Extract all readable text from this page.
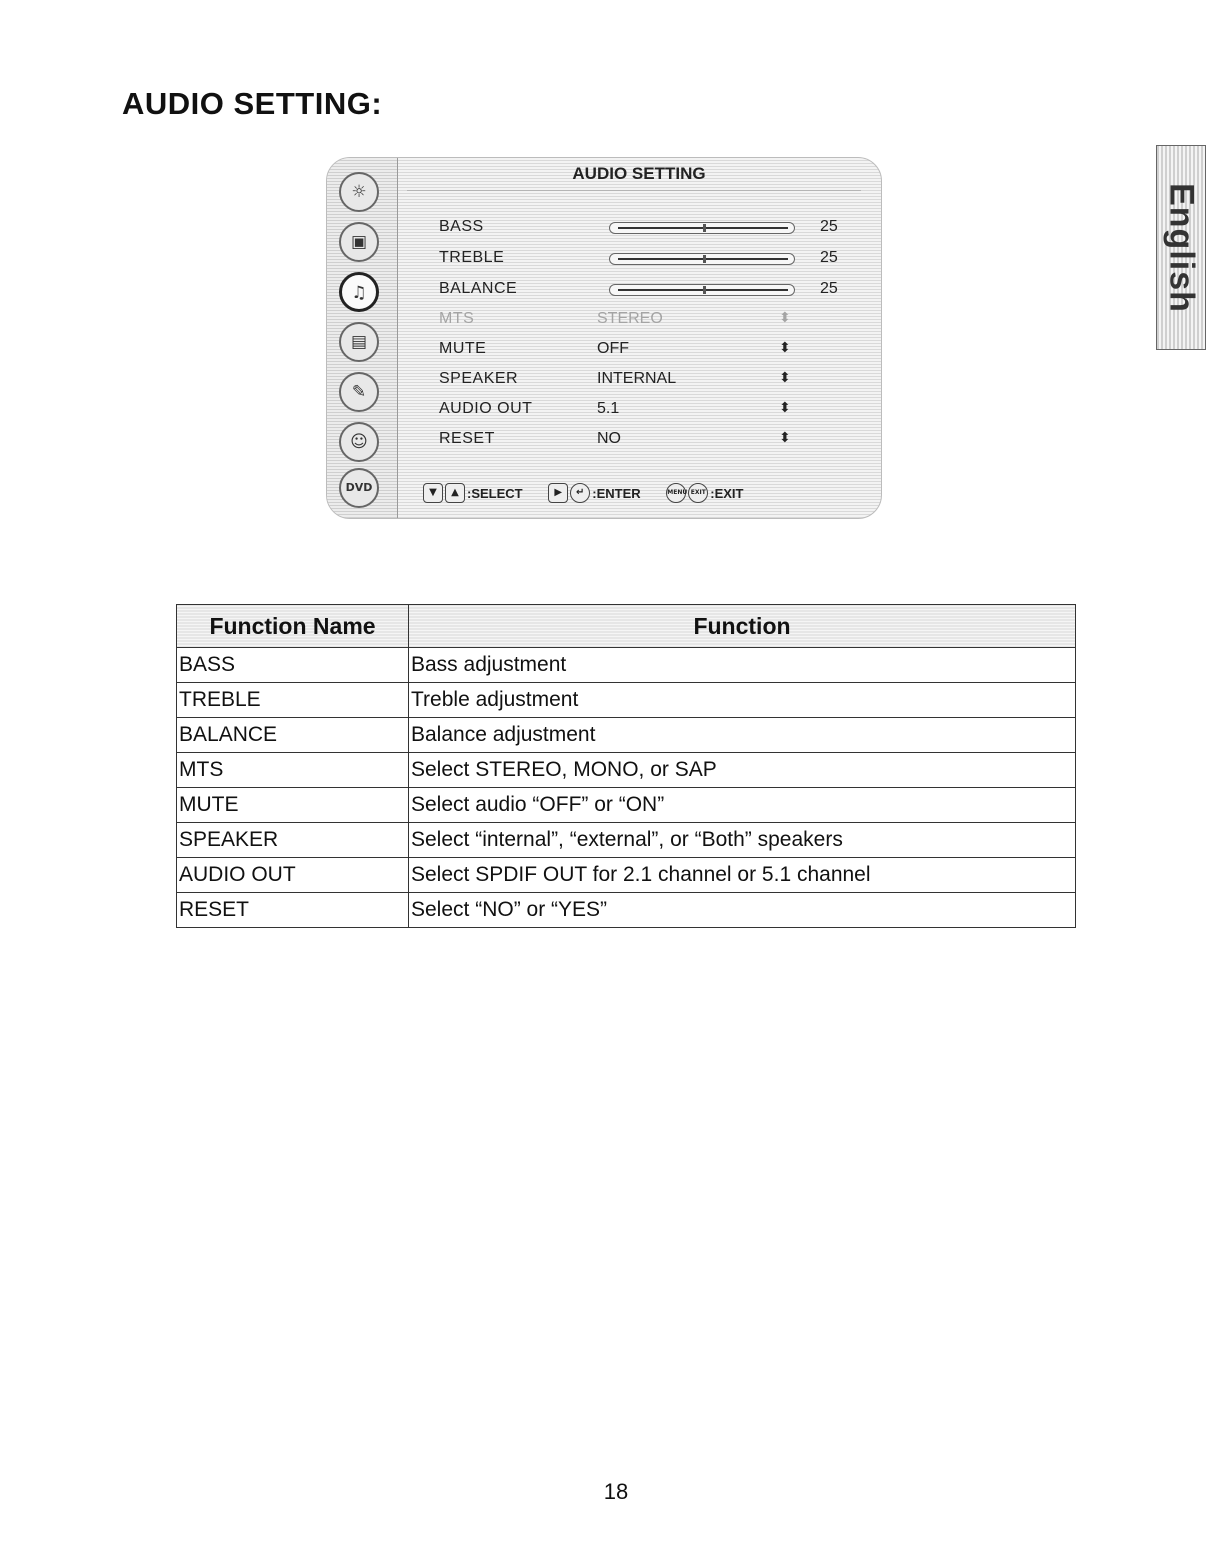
AUDIO SETTING:
English
☼
▣
♫
▤
✎
☺
DVD
AUDIO SETTING
BASS	25
TREBLE	25
BALANCE	25
MTS	STEREO	⬍
MUTE	OFF	⬍
SPEAKER	INTERNAL	⬍
AUDIO OUT	5.1	⬍
RESET	NO	⬍
▼ ▲ :SELECT	▶ ↵ :ENTER	MENU EXIT :EXIT
Function Name	Function
BASS	Bass adjustment
TREBLE	Treble adjustment
BALANCE	Balance adjustment
MTS	Select STEREO, MONO, or SAP
MUTE	Select audio “OFF” or “ON”
SPEAKER	Select “internal”, “external”, or “Both” speakers
AUDIO OUT	Select SPDIF OUT for 2.1 channel or 5.1 channel
RESET	Select “NO” or “YES”
18
